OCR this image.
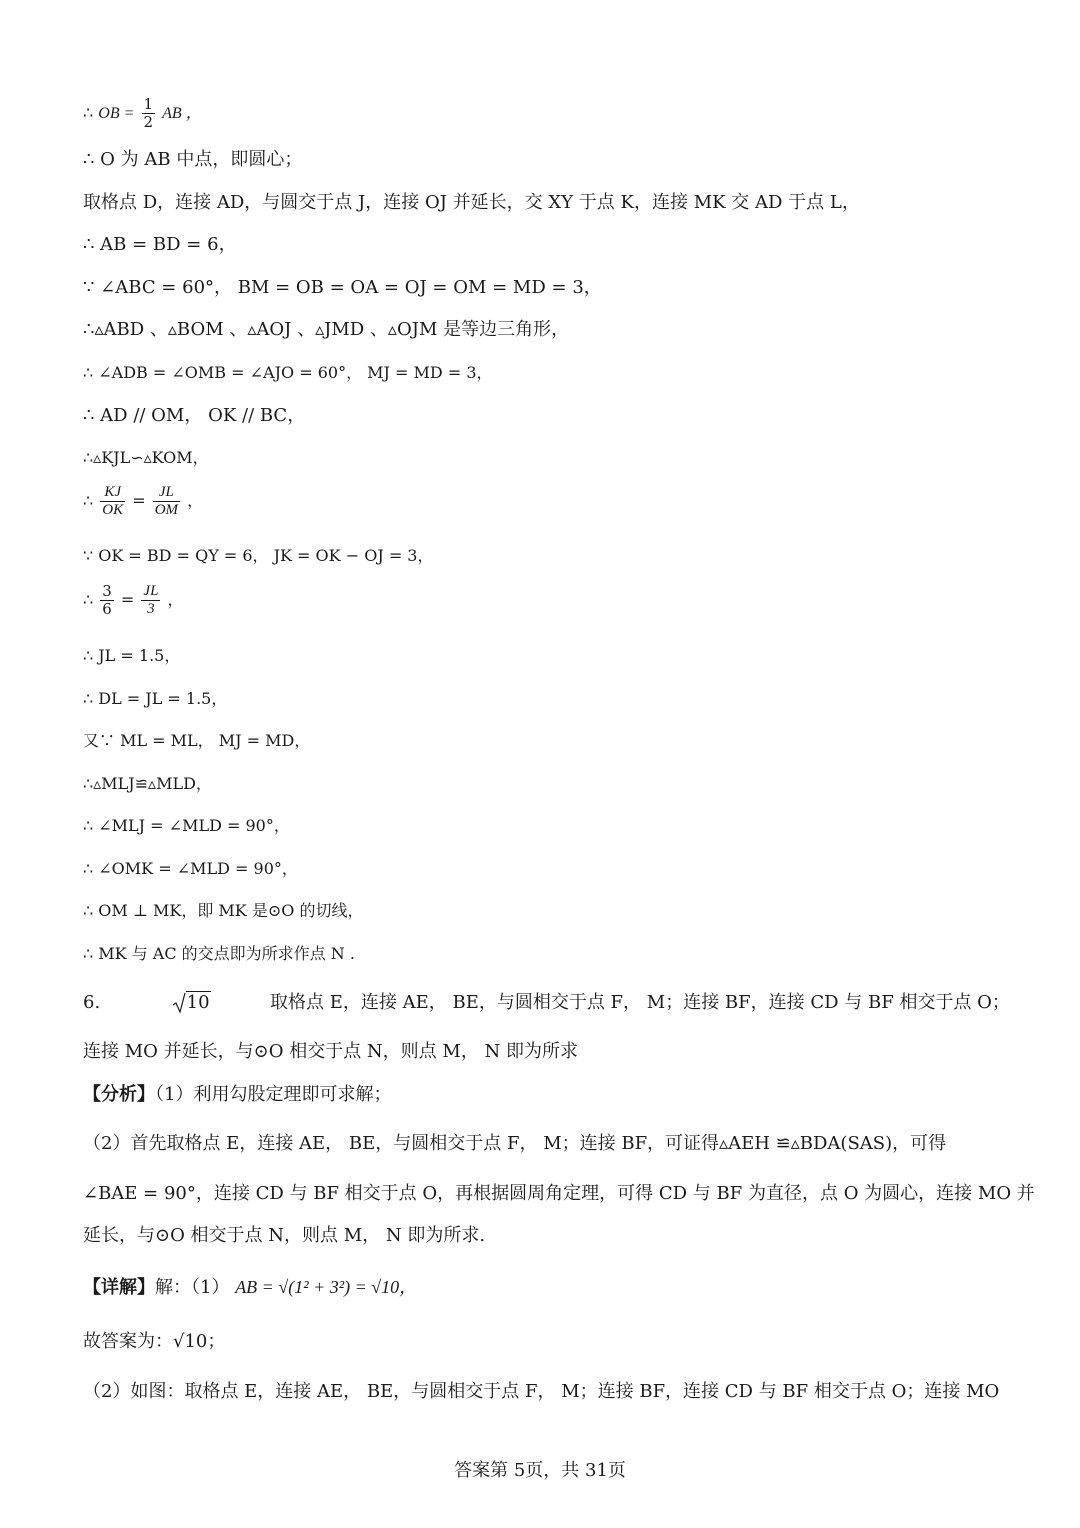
∴ OB = $\frac{1}{2}$ AB ，
∴ O 为 AB 中点，即圆心；
取格点 D，连接 AD，与圆交于点 J，连接 OJ 并延长，交 XY 于点 K，连接 MK 交 AD 于点 L，
∴ AB = BD = 6，
∵ ∠ABC = 60°， BM = OB = OA = OJ = OM = MD = 3，
∴▵ABD 、▵BOM 、▵AOJ 、▵JMD 、▵OJM 是等边三角形，
∴ ∠ADB = ∠OMB = ∠AJO = 60°， MJ = MD = 3，
∴ AD // OM， OK // BC，
∴▵KJL∽▵KOM，
∴ $\frac{KJ}{OK} = \frac{JL}{OM}$ ，
∵ OK = BD = QY = 6， JK = OK − OJ = 3，
∴ $\frac{3}{6} = \frac{JL}{3}$ ，
∴ JL = 1.5，
∴ DL = JL = 1.5，
又∵ ML = ML， MJ = MD，
∴▵MLJ≌▵MLD，
∴ ∠MLJ = ∠MLD = 90°，
∴ ∠OMK = ∠MLD = 90°，
∴ OM ⊥ MK，即 MK 是⊙O 的切线，
∴ MK 与 AC 的交点即为所求作点 N .
6.	10	取格点 E，连接 AE， BE，与圆相交于点 F， M；连接 BF，连接 CD 与 BF 相交于点 O；
连接 MO 并延长，与⊙O 相交于点 N，则点 M， N 即为所求
【分析】（1）利用勾股定理即可求解；
（2）首先取格点 E，连接 AE， BE，与圆相交于点 F， M；连接 BF，可证得▵AEH ≌▵BDA(SAS)，可得
∠BAE = 90°，连接 CD 与 BF 相交于点 O，再根据圆周角定理，可得 CD 与 BF 为直径，点 O 为圆心，连接 MO 并
延长，与⊙O 相交于点 N，则点 M， N 即为所求.
【详解】解：（1） AB = √(1² + 3²) = √10，
故答案为：√10；
（2）如图：取格点 E，连接 AE， BE，与圆相交于点 F， M；连接 BF，连接 CD 与 BF 相交于点 O；连接 MO
答案第 5页，共 31页
